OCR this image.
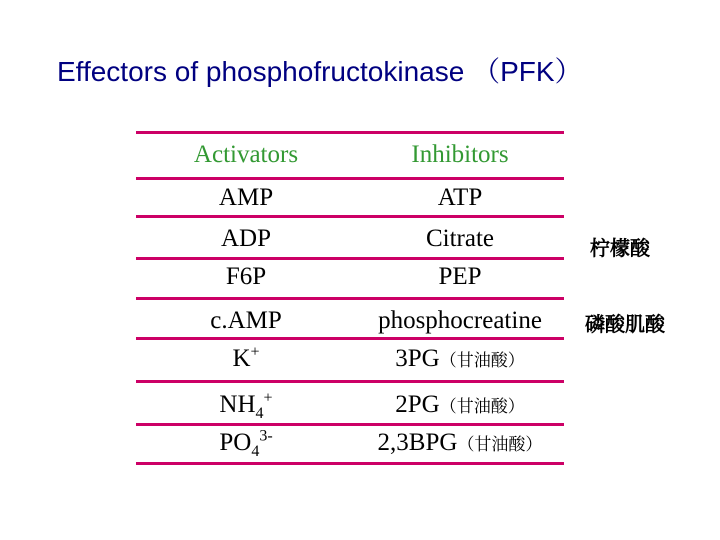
Effectors of phosphofructokinase （PFK）
Activators	Inhibitors
AMP
ADP
F6P
c.AMP
K+
$NH_4^+$
$PO_4^{3-}$
ATP
Citrate
PEP
phosphocreatine
3PG（甘油酸）
2PG（甘油酸）
2,3BPG（甘油酸）
柠檬酸
磷酸肌酸
